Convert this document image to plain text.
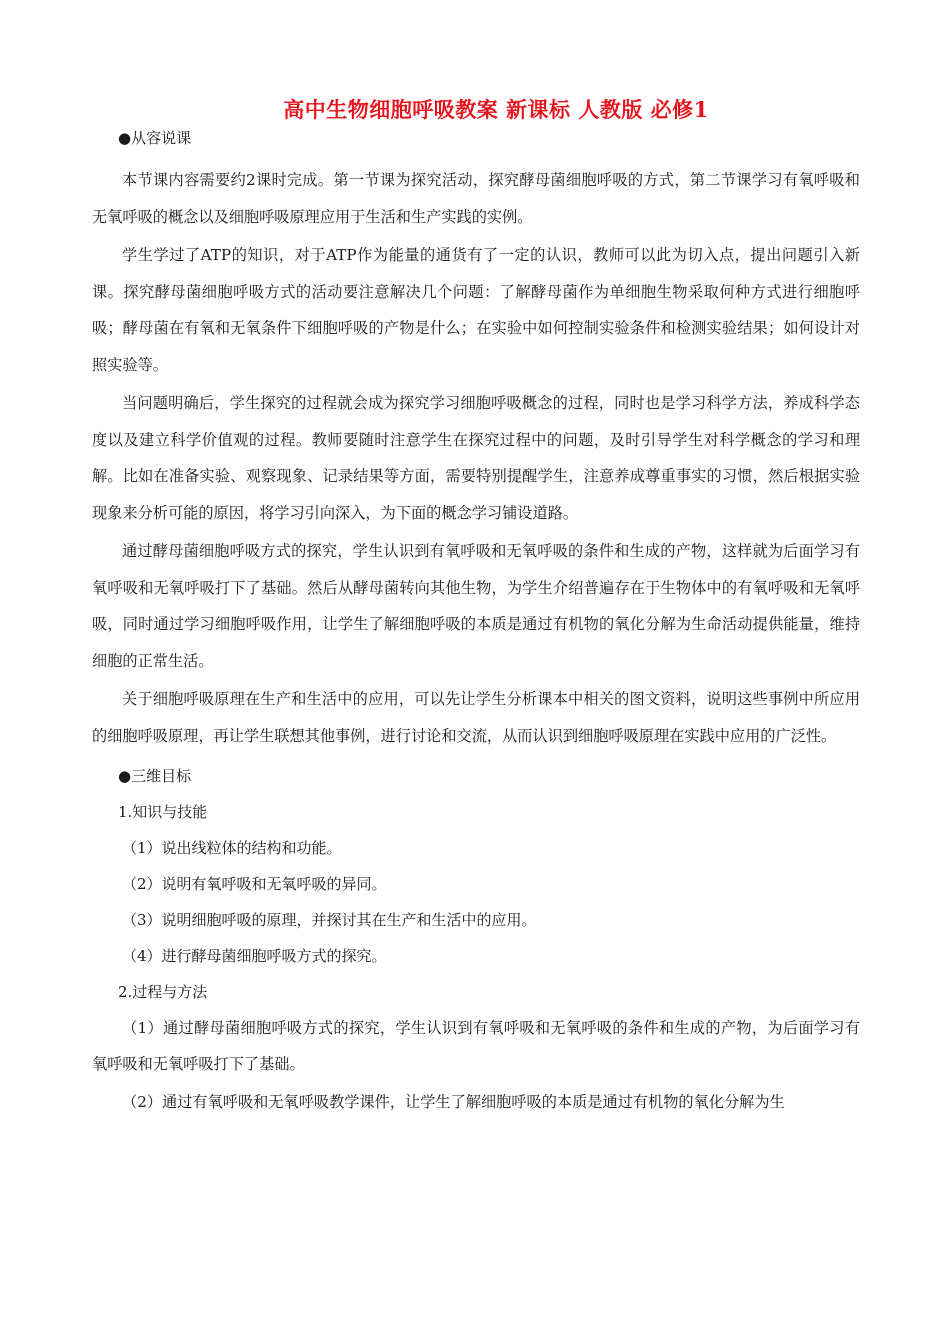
高中生物细胞呼吸教案 新课标 人教版 必修1
●从容说课

本节课内容需要约2课时完成。第一节课为探究活动，探究酵母菌细胞呼吸的方式，第二节课学习有氧呼吸和无氧呼吸的概念以及细胞呼吸原理应用于生活和生产实践的实例。

学生学过了ATP的知识，对于ATP作为能量的通货有了一定的认识，教师可以此为切入点，提出问题引入新课。探究酵母菌细胞呼吸方式的活动要注意解决几个问题：了解酵母菌作为单细胞生物采取何种方式进行细胞呼吸；酵母菌在有氧和无氧条件下细胞呼吸的产物是什么；在实验中如何控制实验条件和检测实验结果；如何设计对照实验等。

当问题明确后，学生探究的过程就会成为探究学习细胞呼吸概念的过程，同时也是学习科学方法，养成科学态度以及建立科学价值观的过程。教师要随时注意学生在探究过程中的问题，及时引导学生对科学概念的学习和理解。比如在准备实验、观察现象、记录结果等方面，需要特别提醒学生，注意养成尊重事实的习惯，然后根据实验现象来分析可能的原因，将学习引向深入，为下面的概念学习铺设道路。

通过酵母菌细胞呼吸方式的探究，学生认识到有氧呼吸和无氧呼吸的条件和生成的产物，这样就为后面学习有氧呼吸和无氧呼吸打下了基础。然后从酵母菌转向其他生物，为学生介绍普遍存在于生物体中的有氧呼吸和无氧呼吸，同时通过学习细胞呼吸作用，让学生了解细胞呼吸的本质是通过有机物的氧化分解为生命活动提供能量，维持细胞的正常生活。

关于细胞呼吸原理在生产和生活中的应用，可以先让学生分析课本中相关的图文资料，说明这些事例中所应用的细胞呼吸原理，再让学生联想其他事例，进行讨论和交流，从而认识到细胞呼吸原理在实践中应用的广泛性。

●三维目标
1.知识与技能
（1）说出线粒体的结构和功能。
（2）说明有氧呼吸和无氧呼吸的异同。
（3）说明细胞呼吸的原理，并探讨其在生产和生活中的应用。
（4）进行酵母菌细胞呼吸方式的探究。
2.过程与方法

（1）通过酵母菌细胞呼吸方式的探究，学生认识到有氧呼吸和无氧呼吸的条件和生成的产物，为后面学习有氧呼吸和无氧呼吸打下了基础。

（2）通过有氧呼吸和无氧呼吸教学课件，让学生了解细胞呼吸的本质是通过有机物的氧化分解为生
